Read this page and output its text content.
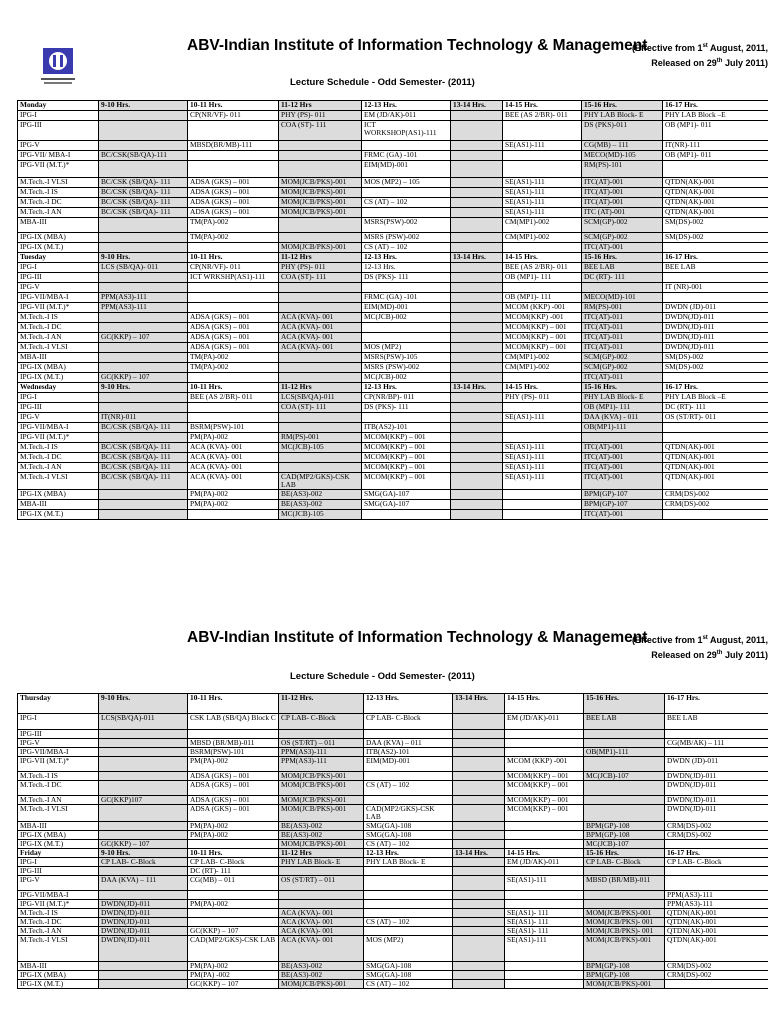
ABV-Indian Institute of Information Technology & Management
(Effective from 1st August, 2011,
Released on 29th July 2011)
Lecture Schedule - Odd Semester- (2011)
Monday	9-10 Hrs.	10-11 Hrs.	11-12 Hrs	12-13 Hrs.	13-14 Hrs.	14-15 Hrs.	15-16 Hrs.	16-17 Hrs.
IPG-I		CP(NR/VF)- 011	PHY (PS)- 011	EM (JD/AK)-011		BEE (AS 2/BR)- 011	PHY LAB Block- E	PHY LAB Block –E
IPG-III			COA (ST)- 111	ICT WORKSHOP(AS1)-111			DS (PKS)-011	OB (MP1)- 011
IPG-V		MBSD(BR/MB)-111				SE(AS1)-111	CG(MB) – 111	IT(NR)-111
IPG-VII/ MBA-I	BC/CSK(SB/QA)-111			FRMC (GA) -101			MECO(MD)-105	OB (MP1)- 011
IPG-VII (M.T.)*				EIM(MD)-001			RM(PS)-101	
M.Tech.-I VLSI	BC/CSK (SB/QA)- 111	ADSA (GKS) – 001	MOM(JCB/PKS)-001	MOS (MP2) – 105		SE(AS1)-111	ITC(AT)-001	QTDN(AK)-001
M.Tech.-I IS	BC/CSK (SB/QA)- 111	ADSA (GKS) – 001	MOM(JCB/PKS)-001			SE(AS1)-111	ITC(AT)-001	QTDN(AK)-001
M.Tech.-I DC	BC/CSK (SB/QA)- 111	ADSA (GKS) – 001	MOM(JCB/PKS)-001	CS (AT) – 102		SE(AS1)-111	ITC(AT)-001	QTDN(AK)-001
M.Tech.-I AN	BC/CSK (SB/QA)- 111	ADSA (GKS) – 001	MOM(JCB/PKS)-001			SE(AS1)-111	ITC (AT)-001	QTDN(AK)-001
MBA-III		TM(PA)-002		MSRS(PSW)-002		CM(MP1)-002	SCM(GP)-002	SM(DS)-002
IPG-IX (MBA)		TM(PA)-002		MSRS (PSW)-002		CM(MP1)-002	SCM(GP)-002	SM(DS)-002
IPG-IX (M.T.)			MOM(JCB/PKS)-001	CS (AT) – 102			ITC(AT)-001	
Tuesday	9-10 Hrs.	10-11 Hrs.	11-12 Hrs	12-13 Hrs.	13-14 Hrs.	14-15 Hrs.	15-16 Hrs.	16-17 Hrs.
IPG-I	LCS (SB/QA)- 011	CP(NR/VF)- 011	PHY (PS)- 011	12-13 Hrs.		BEE (AS 2/BR)- 011	BEE LAB	BEE LAB
IPG-III		ICT WRKSHP(AS1)-111	COA (ST)- 111	DS (PKS)- 111		OB (MP1)- 111	DC (RT)- 111	
IPG-V								IT (NR)-001
IPG-VII/MBA-I	PPM(AS3)-111			FRMC (GA) -101		OB (MP1)- 111	MECO(MD)-101	
IPG-VII (M.T.)*	PPM(AS3)-111			EIM(MD)-001		MCOM (KKP) -001	RM(PS)-001	DWDN (JD)-011
M.Tech.-I IS		ADSA (GKS) – 001	ACA (KVA)- 001	MC(JCB)-002		MCOM(KKP) -001	ITC(AT)-011	DWDN(JD)-011
M.Tech.-I DC		ADSA (GKS) – 001	ACA (KVA)- 001			MCOM(KKP) – 001	ITC(AT)-011	DWDN(JD)-011
M.Tech.-I AN	GC(KKP) – 107	ADSA (GKS) – 001	ACA (KVA)- 001			MCOM(KKP) – 001	ITC(AT)-011	DWDN(JD)-011
M.Tech.-I VLSI		ADSA (GKS) – 001	ACA (KVA)- 001	MOS (MP2)		MCOM(KKP) – 001	ITC(AT)-011	DWDN(JD)-011
MBA-III		TM(PA)-002		MSRS(PSW)-105		CM(MP1)-002	SCM(GP)-002	SM(DS)-002
IPG-IX (MBA)		TM(PA)-002		MSRS (PSW)-002		CM(MP1)-002	SCM(GP)-002	SM(DS)-002
IPG-IX (M.T.)	GC(KKP) – 107			MC(JCB)-002			ITC(AT)-011	
Wednesday	9-10 Hrs.	10-11 Hrs.	11-12 Hrs	12-13 Hrs.	13-14 Hrs.	14-15 Hrs.	15-16 Hrs.	16-17 Hrs.
IPG-I		BEE (AS 2/BR)- 011	LCS(SB/QA)-011	CP(NR/BP)- 011		PHY (PS)- 011	PHY LAB Block- E	PHY LAB Block –E
IPG-III			COA (ST)- 111	DS (PKS)- 111			OB (MP1)- 111	DC (RT)- 111
IPG-V	IT(NR)-011					SE(AS1)-111	DAA (KVA) - 011	OS (ST/RT)- 011
IPG-VII/MBA-I	BC/CSK (SB/QA)- 111	BSRM(PSW)-101		ITB(AS2)-101			OB(MP1)-111	
IPG-VII (M.T.)*		PM(PA)-002	RM(PS)-001	MCOM(KKP) – 001				
M.Tech.-I IS	BC/CSK (SB/QA)- 111	ACA (KVA)- 001	MC(JCB)-105	MCOM(KKP) – 001		SE(AS1)-111	ITC(AT)-001	QTDN(AK)-001
M.Tech.-I DC	BC/CSK (SB/QA)- 111	ACA (KVA)- 001		MCOM(KKP) – 001		SE(AS1)-111	ITC(AT)-001	QTDN(AK)-001
M.Tech.-I AN	BC/CSK (SB/QA)- 111	ACA (KVA)- 001		MCOM(KKP) – 001		SE(AS1)-111	ITC(AT)-001	QTDN(AK)-001
M.Tech.-I VLSI	BC/CSK (SB/QA)- 111	ACA (KVA)- 001	CAD(MP2/GKS)-CSK LAB	MCOM(KKP) – 001		SE(AS1)-111	ITC(AT)-001	QTDN(AK)-001
IPG-IX (MBA)		PM(PA)-002	BE(AS3)-002	SMG(GA)-107			BPM(GP)-107	CRM(DS)-002
MBA-III		PM(PA)-002	BE(AS3)-002	SMG(GA)-107			BPM(GP)-107	CRM(DS)-002
IPG-IX (M.T.)			MC(JCB)-105				ITC(AT)-001	
ABV-Indian Institute of Information Technology & Management
(Effective from 1st August, 2011,
Released on 29th July 2011)
Lecture Schedule - Odd Semester- (2011)
Thursday	9-10 Hrs.	10-11 Hrs.	11-12 Hrs.	12-13 Hrs.	13-14 Hrs.	14-15 Hrs.	15-16 Hrs.	16-17 Hrs.
IPG-I	LCS(SB/QA)-011	CSK LAB (SB/QA) Block C	CP LAB- C-Block	CP LAB- C-Block		EM (JD/AK)-011	BEE LAB	BEE LAB
IPG-III								
IPG-V		MBSD (BR/MB)-011	OS (ST/RT) – 011	DAA (KVA) – 011				CG(MB/AK) – 111
IPG-VII/MBA-I		BSRM(PSW)-101	PPM(AS3)-111	ITB(AS2)-101			OB(MP1)-111	
IPG-VII (M.T.)*		PM(PA)-002	PPM(AS3)-111	EIM(MD)-001		MCOM (KKP) -001		DWDN (JD)-011
M.Tech.-I IS		ADSA (GKS) – 001	MOM(JCB/PKS)-001			MCOM(KKP) – 001	MC(JCB)-107	DWDN(JD)-011
M.Tech.-I DC		ADSA (GKS) – 001	MOM(JCB/PKS)-001	CS (AT) – 102		MCOM(KKP) – 001		DWDN(JD)-011
M.Tech.-I AN	GC(KKP)107	ADSA (GKS) – 001	MOM(JCB/PKS)-001			MCOM(KKP) – 001		DWDN(JD)-011
M.Tech.-I VLSI		ADSA (GKS) – 001	MOM(JCB/PKS)-001	CAD(MP2/GKS)-CSK LAB		MCOM(KKP) – 001		DWDN(JD)-011
MBA-III		PM(PA)-002	BE(AS3)-002	SMG(GA)-108			BPM(GP)-108	CRM(DS)-002
IPG-IX (MBA)		PM(PA)-002	BE(AS3)-002	SMG(GA)-108			BPM(GP)-108	CRM(DS)-002
IPG-IX (M.T.)	GC(KKP) – 107		MOM(JCB/PKS)-001	CS (AT) – 102			MC(JCB)-107	
Friday	9-10 Hrs.	10-11 Hrs.	11-12 Hrs	12-13 Hrs.	13-14 Hrs.	14-15 Hrs.	15-16 Hrs.	16-17 Hrs.
IPG-I	CP LAB- C-Block	CP LAB- C-Block	PHY LAB Block- E	PHY LAB Block- E		EM (JD/AK)-011	CP LAB- C-Block	CP LAB- C-Block
IPG-III		DC (RT)- 111						
IPG-V	DAA (KVA) – 111	CG(MB) – 011	OS (ST/RT) – 011			SE(AS1)-111	MBSD (BR/MB)-011	
IPG-VII/MBA-I								PPM(AS3)-111
IPG-VII (M.T.)*	DWDN(JD)-011	PM(PA)-002						PPM(AS3)-111
M.Tech.-I IS	DWDN(JD)-011		ACA (KVA)- 001			SE(AS1)- 111	MOM(JCB/PKS)-001	QTDN(AK)-001
M.Tech.-I DC	DWDN(JD)-011		ACA (KVA)- 001	CS (AT) – 102		SE(AS1)- 111	MOM(JCB/PKS)- 001	QTDN(AK)-001
M.Tech.-I AN	DWDN(JD)-011	GC(KKP) – 107	ACA (KVA)- 001			SE(AS1)- 111	MOM(JCB/PKS)- 001	QTDN(AK)-001
M.Tech.-I VLSI	DWDN(JD)-011	CAD(MP2/GKS)-CSK LAB	ACA (KVA)- 001	MOS (MP2)		SE(AS1)-111	MOM(JCB/PKS)-001	QTDN(AK)-001
MBA-III		PM(PA)-002	BE(AS3)-002	SMG(GA)-108			BPM(GP)-108	CRM(DS)-002
IPG-IX (MBA)		PM(PA) -002	BE(AS3)-002	SMG(GA)-108			BPM(GP)-108	CRM(DS)-002
IPG-IX (M.T.)		GC(KKP) – 107	MOM(JCB/PKS)-001	CS (AT) – 102			MOM(JCB/PKS)-001	
